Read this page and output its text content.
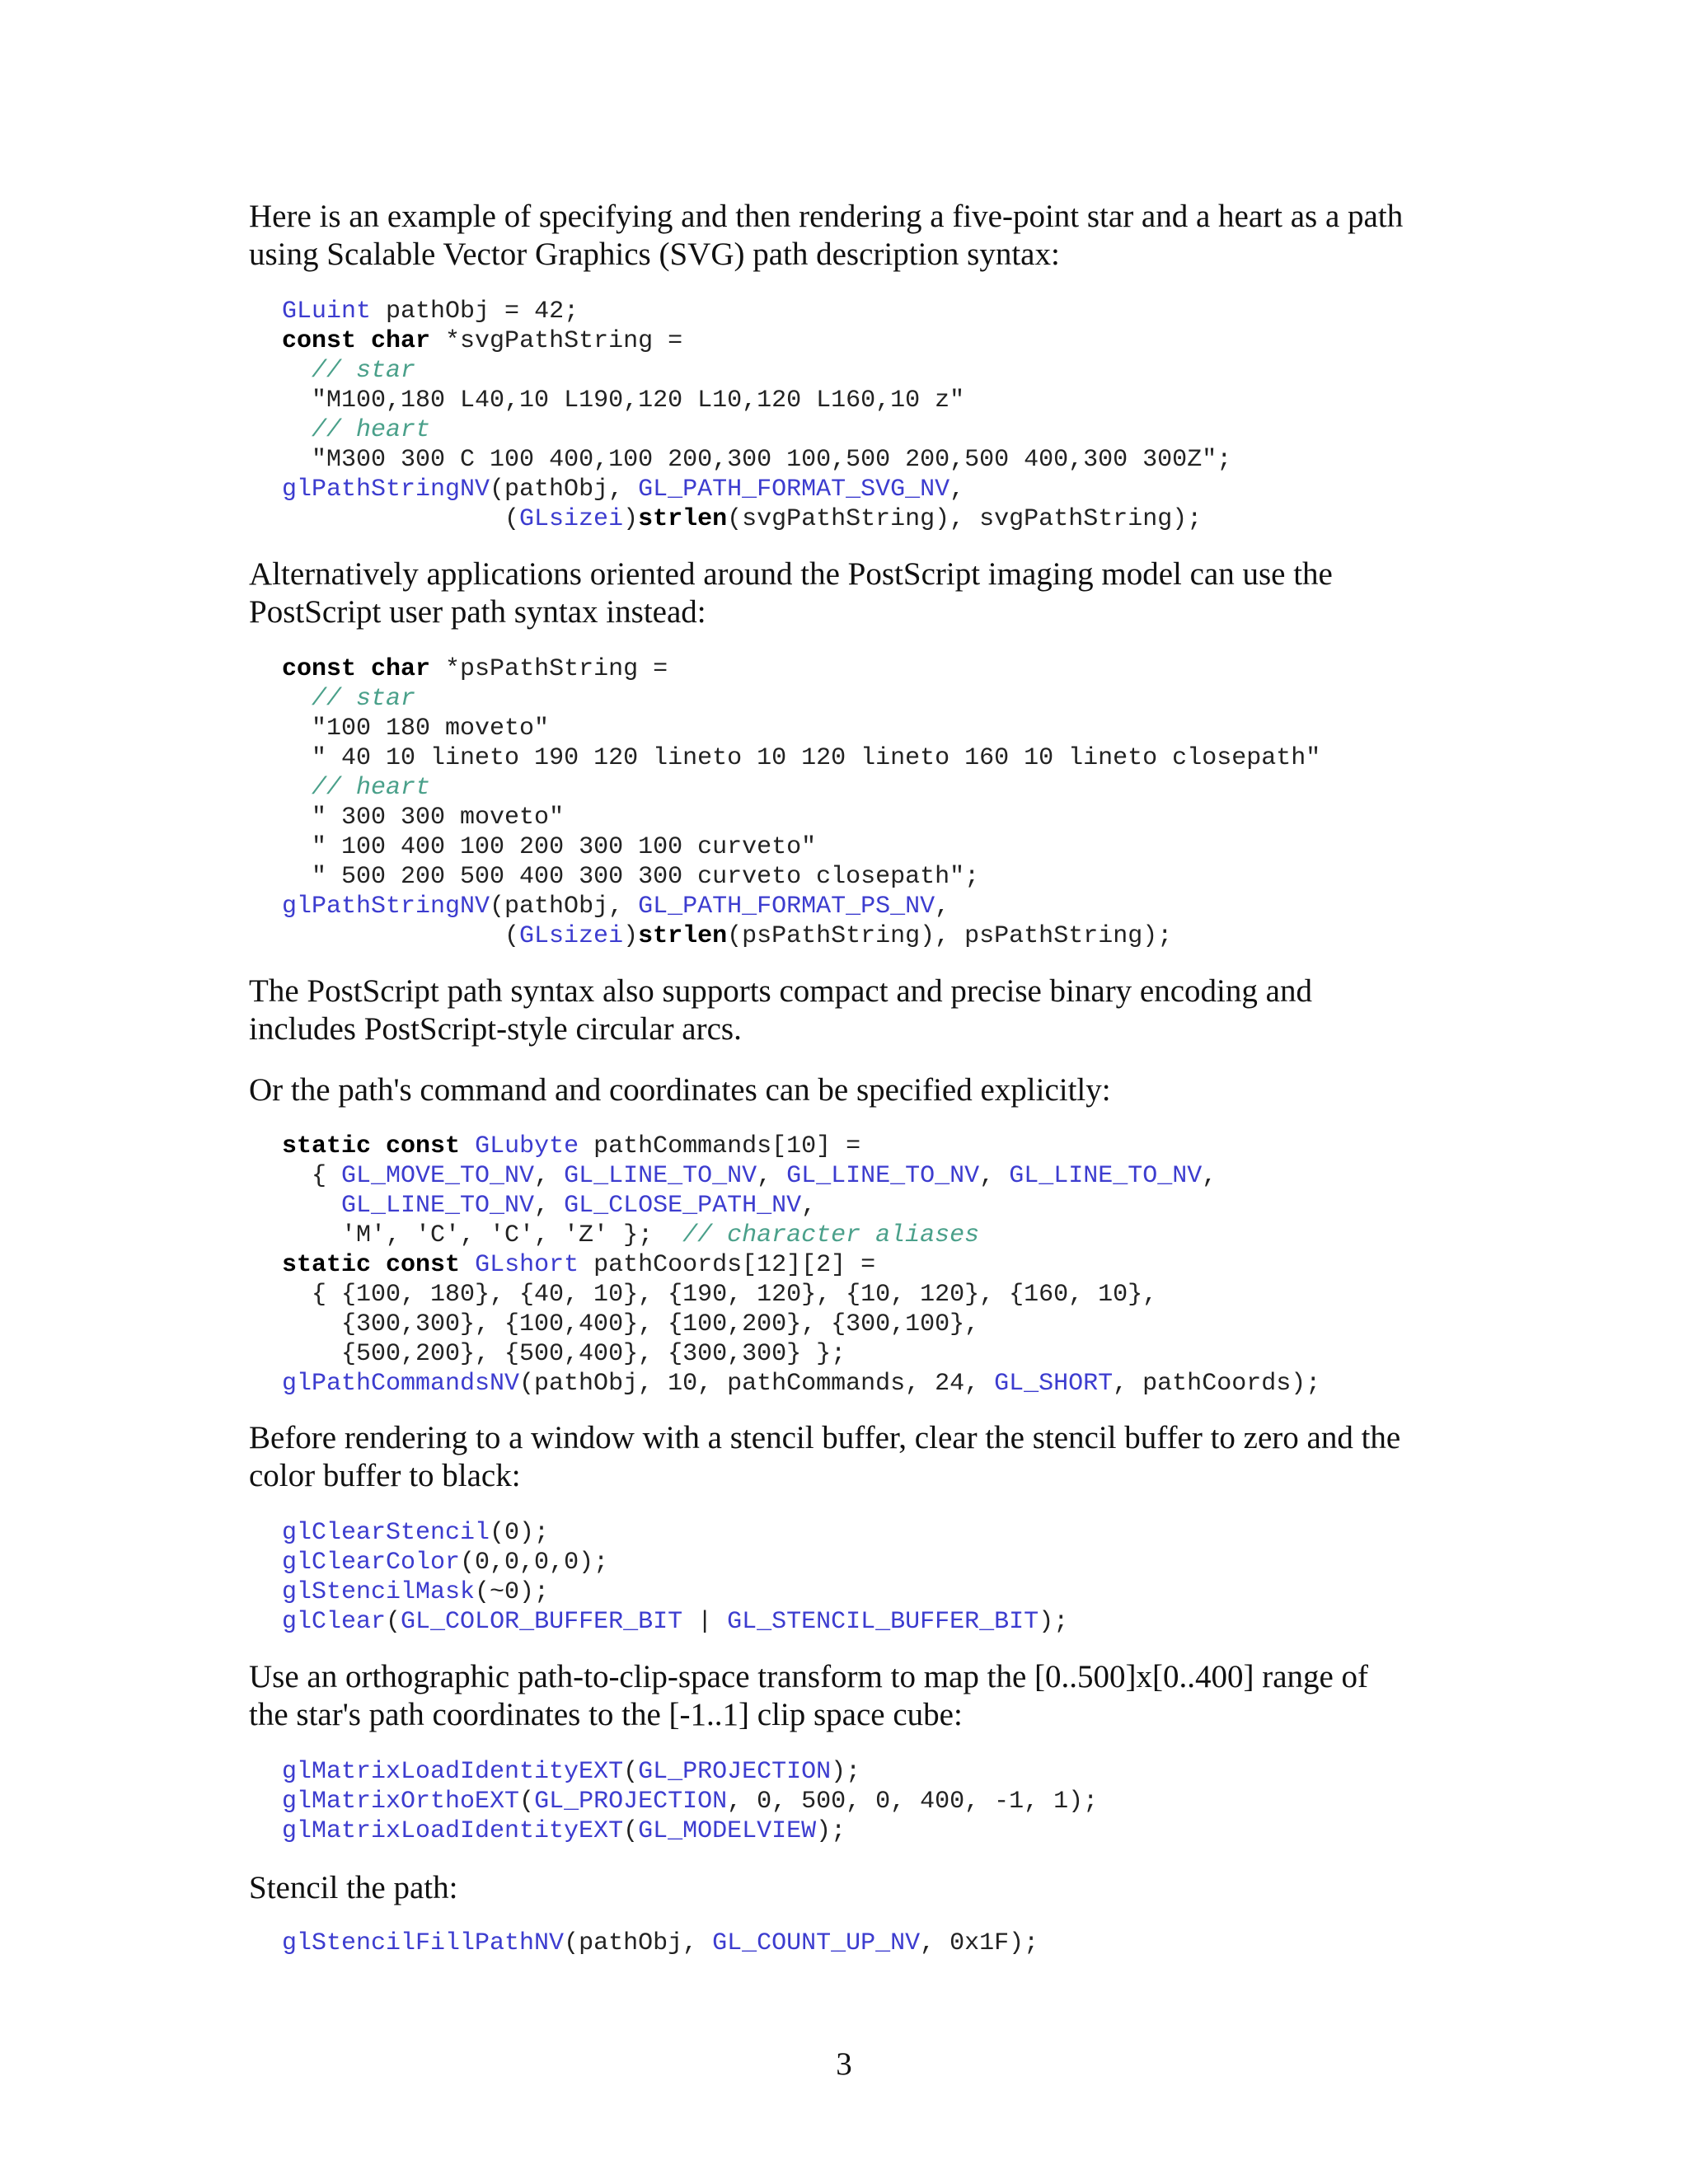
Here is an example of specifying and then rendering a five-point star and a heart as a path
using Scalable Vector Graphics (SVG) path description syntax:
GLuint pathObj = 42;
const char *svgPathString =
// star
"M100,180 L40,10 L190,120 L10,120 L160,10 z"
// heart
"M300 300 C 100 400,100 200,300 100,500 200,500 400,300 300Z";
glPathStringNV(pathObj, GL_PATH_FORMAT_SVG_NV,
(GLsizei)strlen(svgPathString), svgPathString);
Alternatively applications oriented around the PostScript imaging model can use the
PostScript user path syntax instead:
const char *psPathString =
// star
"100 180 moveto"
" 40 10 lineto 190 120 lineto 10 120 lineto 160 10 lineto closepath"
// heart
" 300 300 moveto"
" 100 400 100 200 300 100 curveto"
" 500 200 500 400 300 300 curveto closepath";
glPathStringNV(pathObj, GL_PATH_FORMAT_PS_NV,
(GLsizei)strlen(psPathString), psPathString);
The PostScript path syntax also supports compact and precise binary encoding and
includes PostScript-style circular arcs.
Or the path's command and coordinates can be specified explicitly:
static const GLubyte pathCommands[10] =
{ GL_MOVE_TO_NV, GL_LINE_TO_NV, GL_LINE_TO_NV, GL_LINE_TO_NV,
GL_LINE_TO_NV, GL_CLOSE_PATH_NV,
'M', 'C', 'C', 'Z' };  // character aliases
static const GLshort pathCoords[12][2] =
{ {100, 180}, {40, 10}, {190, 120}, {10, 120}, {160, 10},
{300,300}, {100,400}, {100,200}, {300,100},
{500,200}, {500,400}, {300,300} };
glPathCommandsNV(pathObj, 10, pathCommands, 24, GL_SHORT, pathCoords);
Before rendering to a window with a stencil buffer, clear the stencil buffer to zero and the
color buffer to black:
glClearStencil(0);
glClearColor(0,0,0,0);
glStencilMask(~0);
glClear(GL_COLOR_BUFFER_BIT | GL_STENCIL_BUFFER_BIT);
Use an orthographic path-to-clip-space transform to map the [0..500]x[0..400] range of
the star's path coordinates to the [-1..1] clip space cube:
glMatrixLoadIdentityEXT(GL_PROJECTION);
glMatrixOrthoEXT(GL_PROJECTION, 0, 500, 0, 400, -1, 1);
glMatrixLoadIdentityEXT(GL_MODELVIEW);
Stencil the path:
glStencilFillPathNV(pathObj, GL_COUNT_UP_NV, 0x1F);
3
